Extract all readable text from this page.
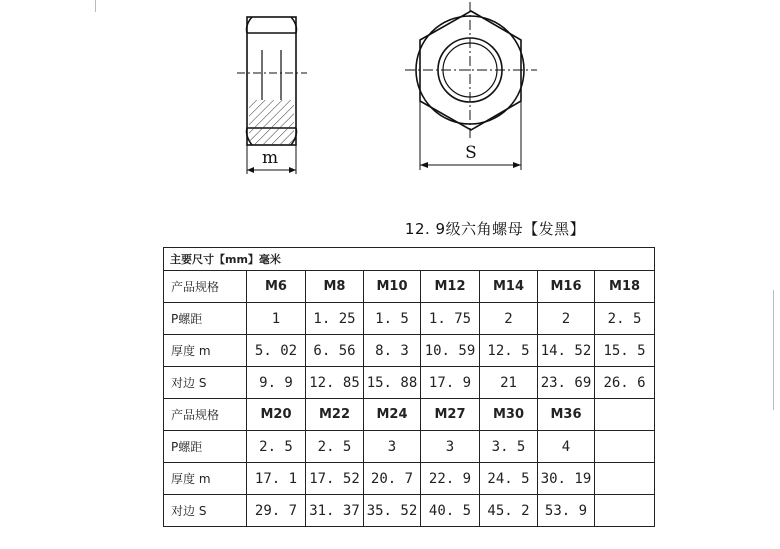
m	S
12. 9级六角螺母【发黑】
主要尺寸【mm】毫米							
产品规格	M6	M8	M10	M12	M14	M16	M18
P螺距	1	1. 25	1. 5	1. 75	2	2	2. 5
厚度 m	5. 02	6. 56	8. 3	10. 59	12. 5	14. 52	15. 5
对边 S	9. 9	12. 85	15. 88	17. 9	21	23. 69	26. 6
产品规格	M20	M22	M24	M27	M30	M36	
P螺距	2. 5	2. 5	3	3	3. 5	4	
厚度 m	17. 1	17. 52	20. 7	22. 9	24. 5	30. 19	
对边 S	29. 7	31. 37	35. 52	40. 5	45. 2	53. 9	
